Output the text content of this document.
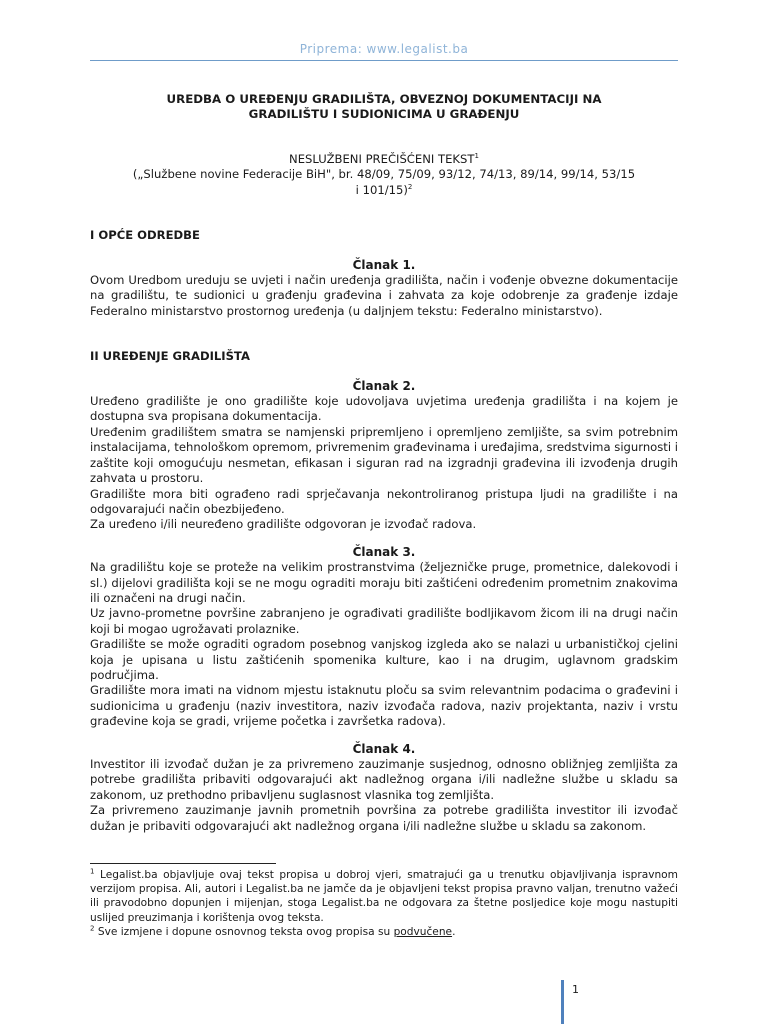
Priprema: www.legalist.ba

UREDBA O UREĐENJU GRADILIŠTA, OBVEZNOJ DOKUMENTACIJI NA
GRADILIŠTU I SUDIONICIMA U GRAĐENJU

NESLUŽBENI PREČIŠĆENI TEKST$^1$

(„Službene novine Federacije BiH", br. 48/09, 75/09, 93/12, 74/13, 89/14, 99/14, 53/15 i 101/15)$^2$

I OPĆE ODREDBE

Članak 1.

Ovom Uredbom ureduju se uvjeti i način uređenja gradilišta, način i vođenje obvezne dokumentacije na gradilištu, te sudionici u građenju građevina i zahvata za koje odobrenje za građenje izdaje Federalno ministarstvo prostornog uređenja (u daljnjem tekstu: Federalno ministarstvo).

II UREĐENJE GRADILIŠTA

Članak 2.

Uređeno gradilište je ono gradilište koje udovoljava uvjetima uređenja gradilišta i na kojem je dostupna sva propisana dokumentacija.

Uređenim gradilištem smatra se namjenski pripremljeno i opremljeno zemljište, sa svim potrebnim instalacijama, tehnološkom opremom, privremenim građevinama i uređajima, sredstvima sigurnosti i zaštite koji omogućuju nesmetan, efikasan i siguran rad na izgradnji građevina ili izvođenja drugih zahvata u prostoru.

Gradilište mora biti ograđeno radi sprječavanja nekontroliranog pristupa ljudi na gradilište i na odgovarajući način obezbijeđeno.

Za uređeno i/ili neuređeno gradilište odgovoran je izvođač radova.

Članak 3.

Na gradilištu koje se proteže na velikim prostranstvima (željezničke pruge, prometnice, dalekovodi i sl.) dijelovi gradilišta koji se ne mogu ograditi moraju biti zaštićeni određenim prometnim znakovima ili označeni na drugi način.

Uz javno-prometne površine zabranjeno je ograđivati gradilište bodljikavom žicom ili na drugi način koji bi mogao ugrožavati prolaznike.

Gradilište se može ograditi ogradom posebnog vanjskog izgleda ako se nalazi u urbanističkoj cjelini koja je upisana u listu zaštićenih spomenika kulture, kao i na drugim, uglavnom gradskim područjima.

Gradilište mora imati na vidnom mjestu istaknutu ploču sa svim relevantnim podacima o građevini i sudionicima u građenju (naziv investitora, naziv izvođača radova, naziv projektanta, naziv i vrstu građevine koja se gradi, vrijeme početka i završetka radova).

Članak 4.

Investitor ili izvođač dužan je za privremeno zauzimanje susjednog, odnosno obližnjeg zemljišta za potrebe gradilišta pribaviti odgovarajući akt nadležnog organa i/ili nadležne službe u skladu sa zakonom, uz prethodno pribavljenu suglasnost vlasnika tog zemljišta.

Za privremeno zauzimanje javnih prometnih površina za potrebe gradilišta investitor ili izvođač dužan je pribaviti odgovarajući akt nadležnog organa i/ili nadležne službe u skladu sa zakonom.

$^1$ Legalist.ba objavljuje ovaj tekst propisa u dobroj vjeri, smatrajući ga u trenutku objavljivanja ispravnom verzijom propisa. Ali, autori i Legalist.ba ne jamče da je objavljeni tekst propisa pravno valjan, trenutno važeći ili pravodobno dopunjen i mijenjan, stoga Legalist.ba ne odgovara za štetne posljedice koje mogu nastupiti uslijed preuzimanja i korištenja ovog teksta.

$^2$ Sve izmjene i dopune osnovnog teksta ovog propisa su podvučene.

1
